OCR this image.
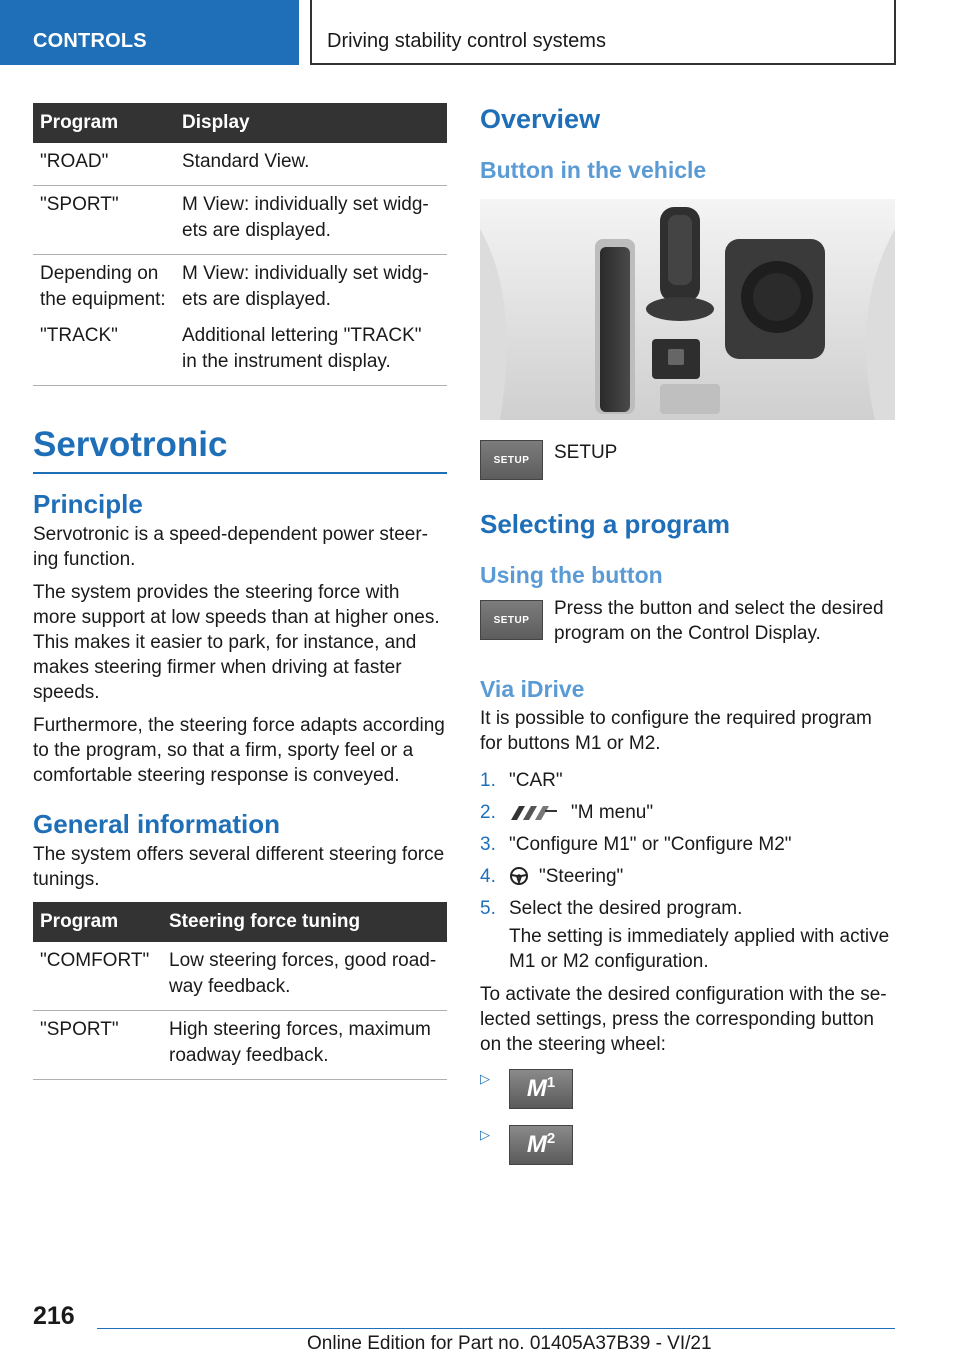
CONTROLS	Driving stability control systems
Program	Display
"ROAD"	Standard View.
"SPORT"	M View: individually set widg-ets are displayed.
Depending on the equipment:	M View: individually set widg-ets are displayed.
"TRACK"	Additional lettering "TRACK" in the instrument display.
Servotronic
Principle

Servotronic is a speed-dependent power steer-ing function.

The system provides the steering force with more support at low speeds than at higher ones. This makes it easier to park, for instance, and makes steering firmer when driving at faster speeds.

Furthermore, the steering force adapts according to the program, so that a firm, sporty feel or a comfortable steering response is conveyed.

General information

The system offers several different steering force tunings.

Program	Steering force tuning
"COMFORT"	Low steering forces, good road-way feedback.
"SPORT"	High steering forces, maximum roadway feedback.
Overview
Button in the vehicle
SETUP SETUP

Selecting a program
Using the button
SETUP

Press the button and select the desired program on the Control Display.

Via iDrive

It is possible to configure the required program for buttons M1 or M2.

1. "CAR"
2.	"M menu"
3. "Configure M1" or "Configure M2"
4.	"Steering"
5. Select the desired program.

The setting is immediately applied with active M1 or M2 configuration.

To activate the desired configuration with the se-lected settings, press the corresponding button on the steering wheel:

▷	M 1
▷	M 2
216
Online Edition for Part no. 01405A37B39 - VI/21
